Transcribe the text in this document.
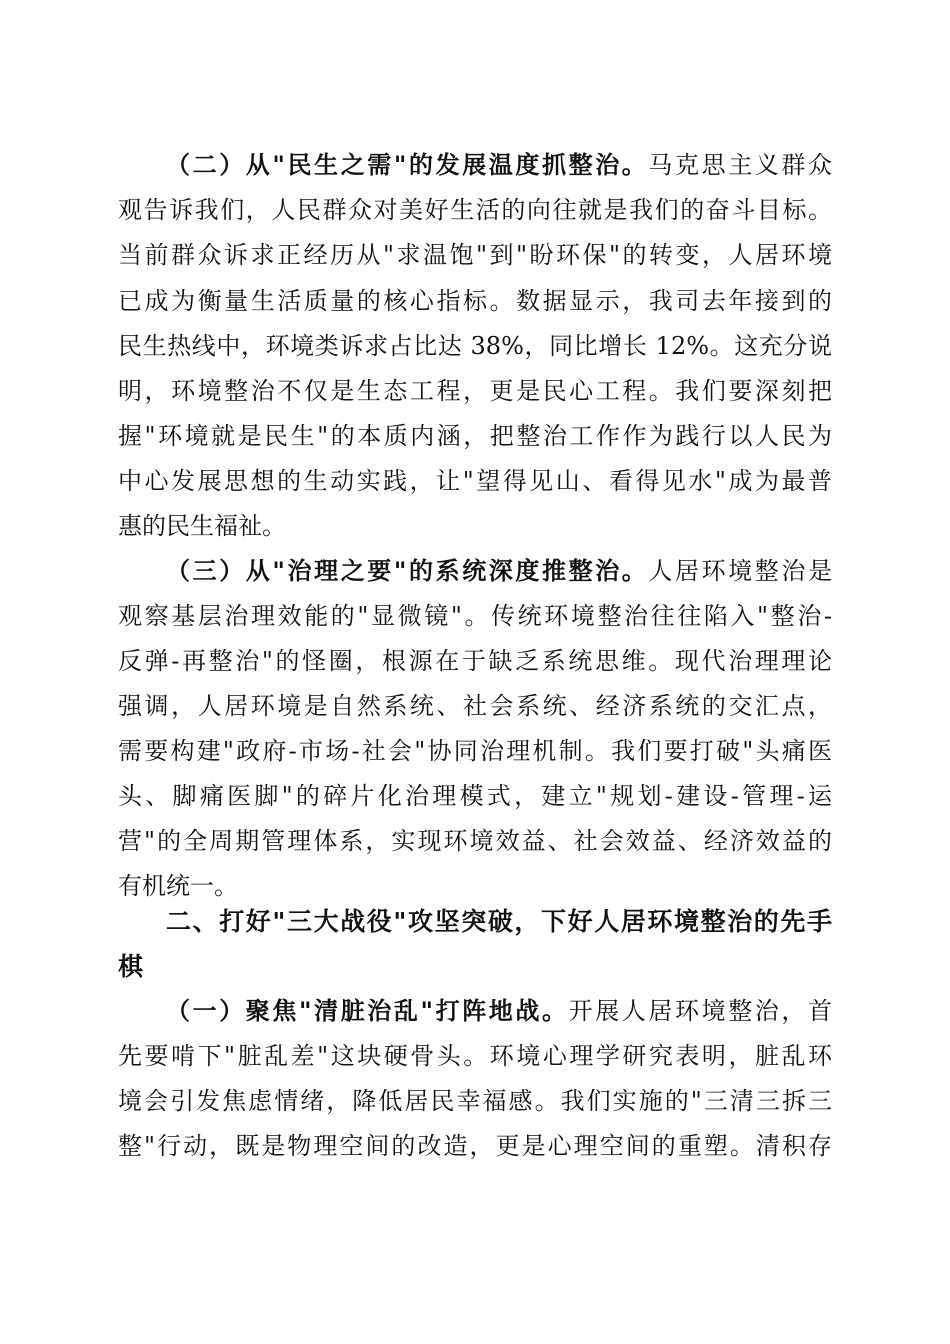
（二）从"民生之需"的发展温度抓整治。马克思主义群众
观告诉我们，人民群众对美好生活的向往就是我们的奋斗目标。
当前群众诉求正经历从"求温饱"到"盼环保"的转变，人居环境
已成为衡量生活质量的核心指标。数据显示，我司去年接到的
民生热线中，环境类诉求占比达 38%，同比增长 12%。这充分说
明，环境整治不仅是生态工程，更是民心工程。我们要深刻把
握"环境就是民生"的本质内涵，把整治工作作为践行以人民为
中心发展思想的生动实践，让"望得见山、看得见水"成为最普
惠的民生福祉。
（三）从"治理之要"的系统深度推整治。人居环境整治是
观察基层治理效能的"显微镜"。传统环境整治往往陷入"整治-
反弹-再整治"的怪圈，根源在于缺乏系统思维。现代治理理论
强调，人居环境是自然系统、社会系统、经济系统的交汇点，
需要构建"政府-市场-社会"协同治理机制。我们要打破"头痛医
头、脚痛医脚"的碎片化治理模式，建立"规划-建设-管理-运
营"的全周期管理体系，实现环境效益、社会效益、经济效益的
有机统一。
二、打好"三大战役"攻坚突破，下好人居环境整治的先手
棋
（一）聚焦"清脏治乱"打阵地战。开展人居环境整治，首
先要啃下"脏乱差"这块硬骨头。环境心理学研究表明，脏乱环
境会引发焦虑情绪，降低居民幸福感。我们实施的"三清三拆三
整"行动，既是物理空间的改造，更是心理空间的重塑。清积存
